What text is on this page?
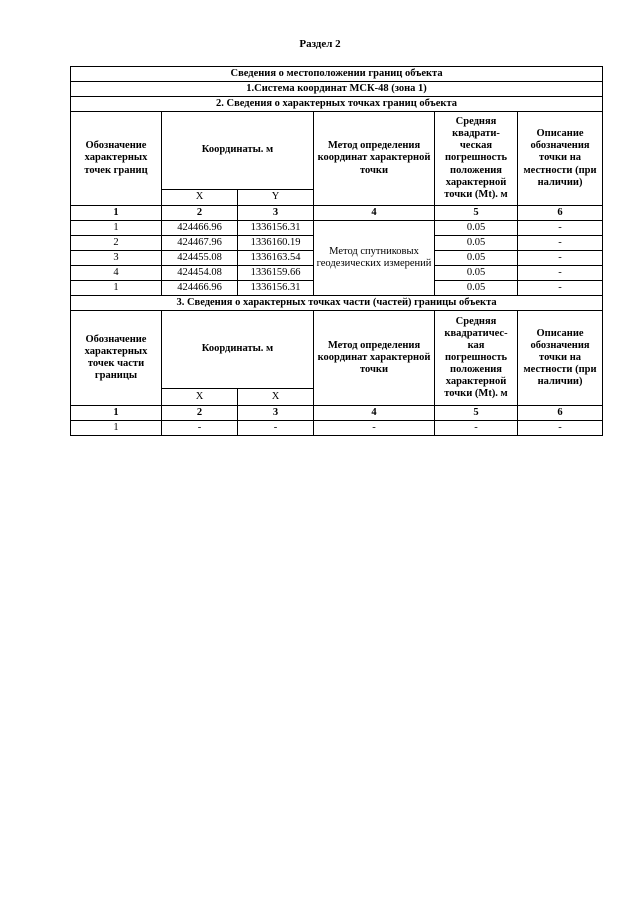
Раздел 2
Сведения о местоположении границ объекта					
1.Система координат МСК-48 (зона 1)					
2. Сведения о характерных точках границ объекта					
Обозначение характерных точек границ	Координаты. м		Метод определения координат характерной точки	Средняя квадрати-ческая погрешность положения характерной точки (Mt). м	Описание обозначения точки на местности (при наличии)
	X	Y			
1	2	3	4	5	6
1	424466.96	1336156.31	Метод спутниковых геодезических измерений	0.05	-
2	424467.96	1336160.19		0.05	-
3	424455.08	1336163.54		0.05	-
4	424454.08	1336159.66		0.05	-
1	424466.96	1336156.31		0.05	-
3. Сведения о характерных точках части (частей) границы объекта					
Обозначение характерных точек части границы	Координаты. м		Метод определения координат характерной точки	Средняя квадратичес-кая погрешность положения характерной точки (Mt). м	Описание обозначения точки на местности (при наличии)
	X	X			
1	2	3	4	5	6
1	-	-	-	-	-
